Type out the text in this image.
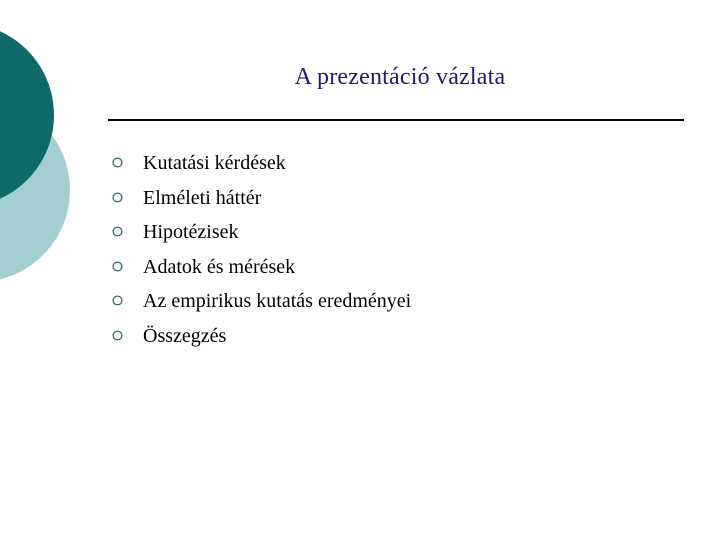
A prezentáció vázlata
Kutatási kérdések
Elméleti háttér
Hipotézisek
Adatok és mérések
Az empirikus kutatás eredményei
Összegzés
